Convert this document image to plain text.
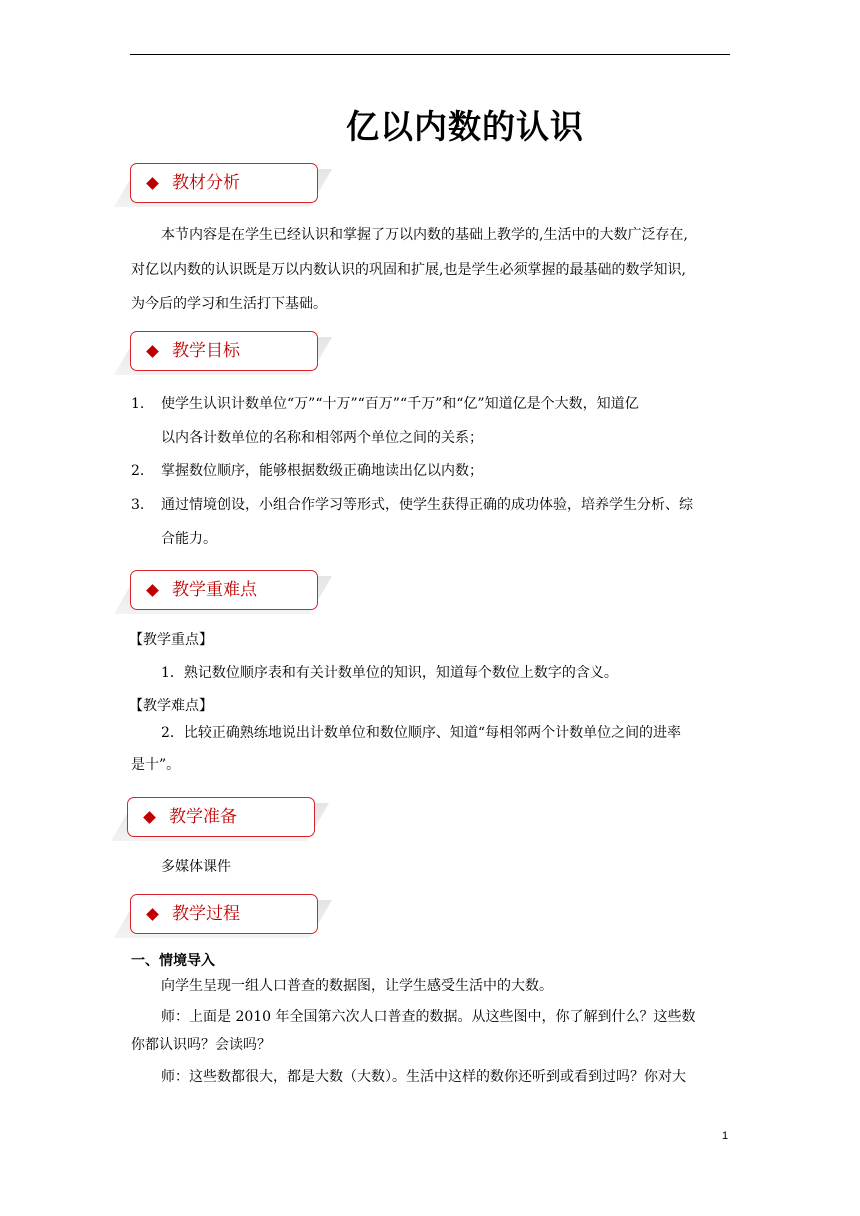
亿以内数的认识
教材分析
本节内容是在学生已经认识和掌握了万以内数的基础上教学的,生活中的大数广泛存在,
对亿以内数的认识既是万以内数认识的巩固和扩展,也是学生必须掌握的最基础的数学知识,
为今后的学习和生活打下基础。
教学目标
1. 使学生认识计数单位“万”“十万”“百万”“千万”和“亿”知道亿是个大数，知道亿
以内各计数单位的名称和相邻两个单位之间的关系；
2. 掌握数位顺序，能够根据数级正确地读出亿以内数；
3. 通过情境创设，小组合作学习等形式，使学生获得正确的成功体验，培养学生分析、综
合能力。
教学重难点
【教学重点】
1．熟记数位顺序表和有关计数单位的知识，知道每个数位上数字的含义。
【教学难点】
2．比较正确熟练地说出计数单位和数位顺序、知道“每相邻两个计数单位之间的进率
是十”。
教学准备
多媒体课件
教学过程
一、情境导入
向学生呈现一组人口普查的数据图，让学生感受生活中的大数。
师：上面是 2010 年全国第六次人口普查的数据。从这些图中，你了解到什么？这些数
你都认识吗？会读吗？
师：这些数都很大，都是大数（大数）。生活中这样的数你还听到或看到过吗？你对大
1
